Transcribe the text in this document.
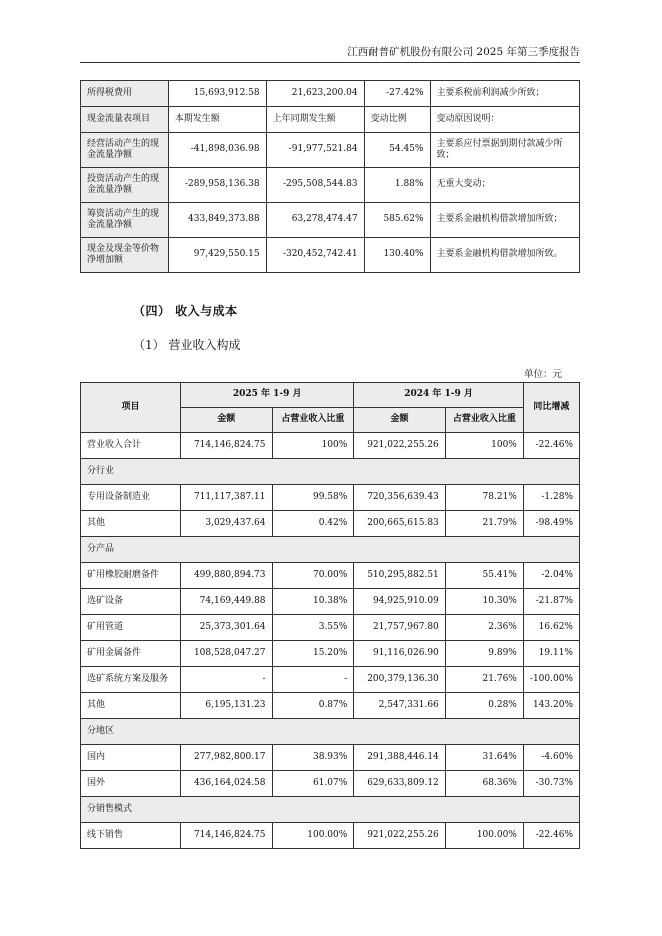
江西耐普矿机股份有限公司 2025 年第三季度报告
所得税费用	15,693,912.58	21,623,200.04	-27.42%	主要系税前利润减少所致；
现金流量表项目	本期发生额	上年同期发生额	变动比例	变动原因说明：
经营活动产生的现金流量净额	-41,898,036.98	-91,977,521.84	54.45%	主要系应付票据到期付款减少所致；
投资活动产生的现金流量净额	-289,958,136.38	-295,508,544.83	1.88%	无重大变动；
筹资活动产生的现金流量净额	433,849,373.88	63,278,474.47	585.62%	主要系金融机构借款增加所致；
现金及现金等价物净增加额	97,429,550.15	-320,452,742.41	130.40%	主要系金融机构借款增加所致。
（四） 收入与成本
（1） 营业收入构成
单位：元
项目	2025 年 1-9 月		2024 年 1-9 月		同比增减
	金额	占营业收入比重	金额	占营业收入比重	
营业收入合计	714,146,824.75	100%	921,022,255.26	100%	-22.46%
分行业					
专用设备制造业	711,117,387.11	99.58%	720,356,639.43	78.21%	-1.28%
其他	3,029,437.64	0.42%	200,665,615.83	21.79%	-98.49%
分产品					
矿用橡胶耐磨备件	499,880,894.73	70.00%	510,295,882.51	55.41%	-2.04%
选矿设备	74,169,449.88	10.38%	94,925,910.09	10.30%	-21.87%
矿用管道	25,373,301.64	3.55%	21,757,967.80	2.36%	16.62%
矿用金属备件	108,528,047.27	15.20%	91,116,026.90	9.89%	19.11%
选矿系统方案及服务	-	-	200,379,136.30	21.76%	-100.00%
其他	6,195,131.23	0.87%	2,547,331.66	0.28%	143.20%
分地区					
国内	277,982,800.17	38.93%	291,388,446.14	31.64%	-4.60%
国外	436,164,024.58	61.07%	629,633,809.12	68.36%	-30.73%
分销售模式					
线下销售	714,146,824.75	100.00%	921,022,255.26	100.00%	-22.46%
